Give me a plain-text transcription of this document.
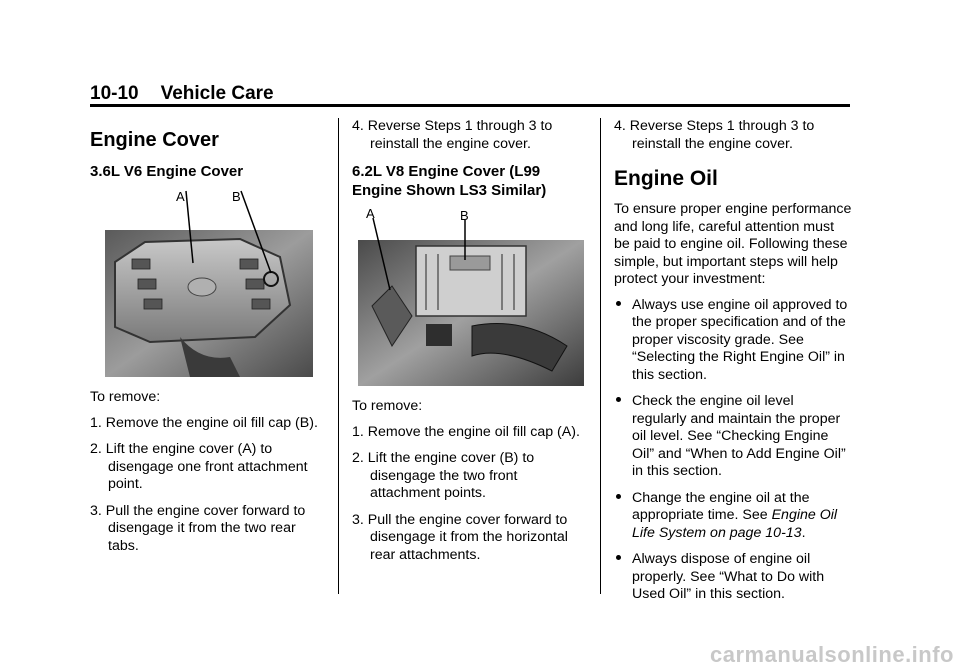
10-10 Vehicle Care
Engine Cover
3.6L V6 Engine Cover
A	B

To remove:

1. Remove the engine oil fill cap (B).
2. Lift the engine cover (A) to disengage one front attachment point.
3. Pull the engine cover forward to disengage it from the two rear tabs.
4. Reverse Steps 1 through 3 to reinstall the engine cover.
6.2L V8 Engine Cover (L99 Engine Shown LS3 Similar)
A	B

To remove:

1. Remove the engine oil fill cap (A).
2. Lift the engine cover (B) to disengage the two front attachment points.
3. Pull the engine cover forward to disengage it from the horizontal rear attachments.
4. Reverse Steps 1 through 3 to reinstall the engine cover.
Engine Oil

To ensure proper engine performance and long life, careful attention must be paid to engine oil. Following these simple, but important steps will help protect your investment:

Always use engine oil approved to the proper specification and of the proper viscosity grade. See “Selecting the Right Engine Oil” in this section.
Check the engine oil level regularly and maintain the proper oil level. See “Checking Engine Oil” and “When to Add Engine Oil” in this section.
Change the engine oil at the appropriate time. See Engine Oil Life System on page 10-13.
Always dispose of engine oil properly. See “What to Do with Used Oil” in this section.
carmanualsonline.info
